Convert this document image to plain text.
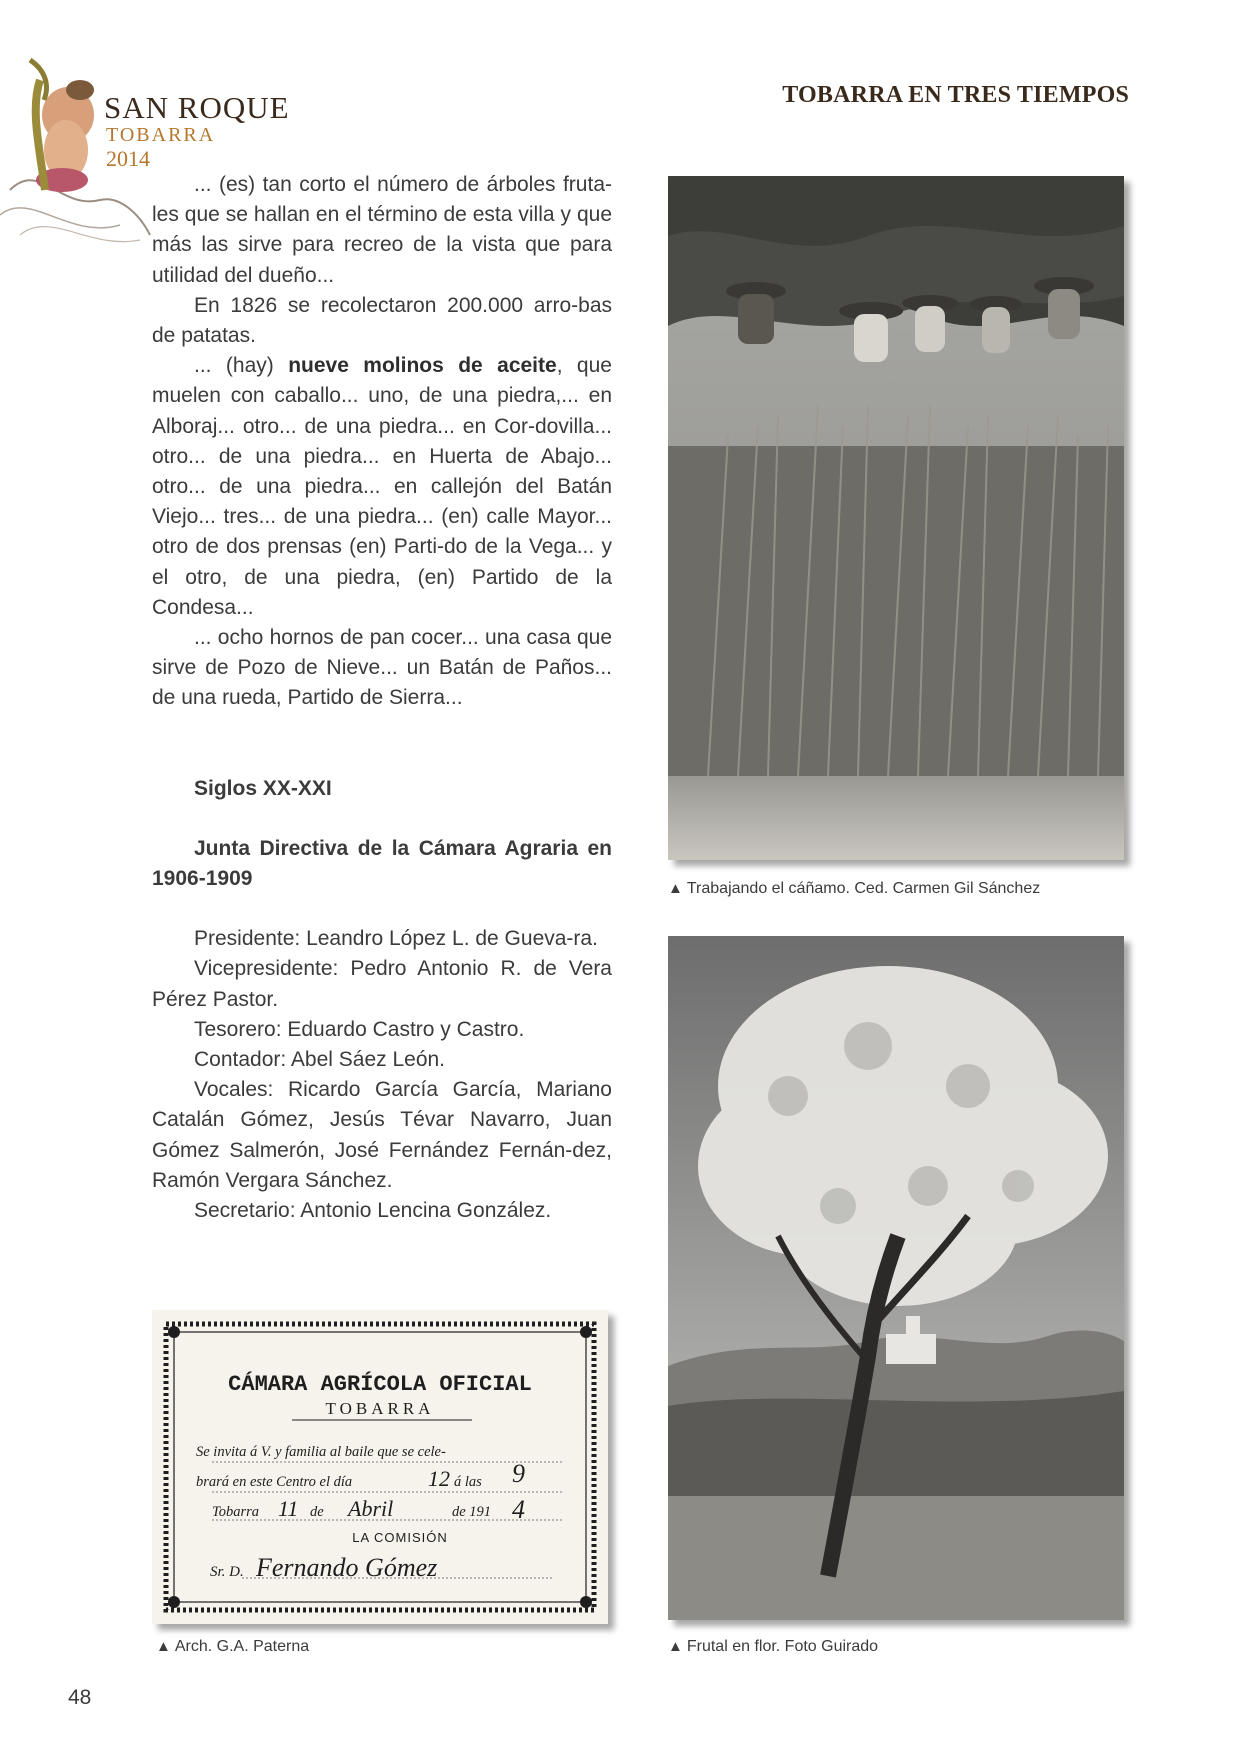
SAN ROQUE
TOBARRA
2014
TOBARRA EN TRES TIEMPOS

... (es) tan corto el número de árboles fruta-les que se hallan en el término de esta villa y que más las sirve para recreo de la vista que para utilidad del dueño...

En 1826 se recolectaron 200.000 arro-bas de patatas.

... (hay) nueve molinos de aceite, que muelen con caballo... uno, de una piedra,... en Alboraj... otro... de una piedra... en Cor-dovilla... otro... de una piedra... en Huerta de Abajo... otro... de una piedra... en callejón del Batán Viejo... tres... de una piedra... (en) calle Mayor... otro de dos prensas (en) Parti-do de la Vega... y el otro, de una piedra, (en) Partido de la Condesa...

... ocho hornos de pan cocer... una casa que sirve de Pozo de Nieve... un Batán de Paños... de una rueda, Partido de Sierra...

Siglos XX-XXI

Junta Directiva de la Cámara Agraria en 1906-1909

Presidente: Leandro López L. de Gueva-ra.

Vicepresidente: Pedro Antonio R. de Vera Pérez Pastor.

Tesorero: Eduardo Castro y Castro.

Contador: Abel Sáez León.

Vocales: Ricardo García García, Mariano Catalán Gómez, Jesús Tévar Navarro, Juan Gómez Salmerón, José Fernández Fernán-dez, Ramón Vergara Sánchez.

Secretario: Antonio Lencina González.

▲ Trabajando el cáñamo. Ced. Carmen Gil Sánchez
▲ Frutal en flor. Foto Guirado
CÁMARA AGRÍCOLA OFICIAL
TOBARRA
Se invita á V. y familia al baile que se cele-
brará en este Centro el día	12 á las 9
Tobarra 11 de Abril	de 191 4
LA COMISIÓN
Sr. D. Fernando Gómez
▲ Arch. G.A. Paterna
48
